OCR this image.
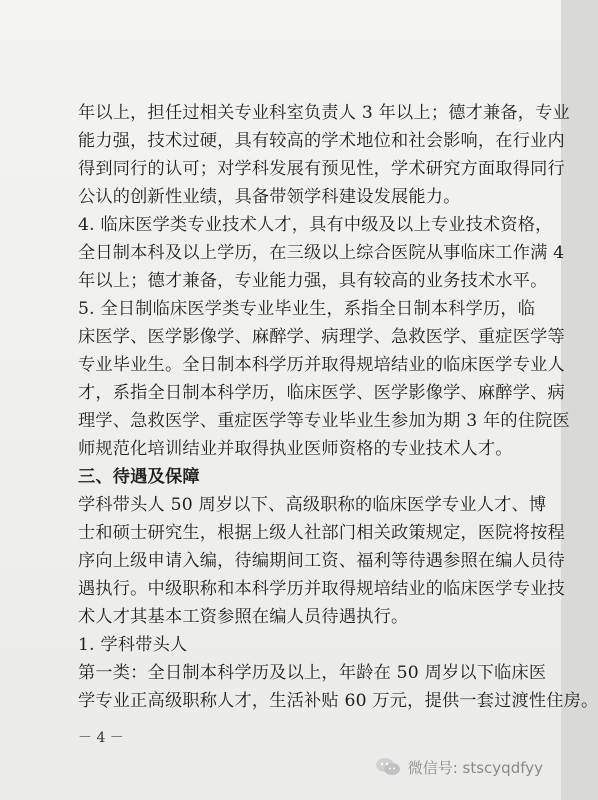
年以上，担任过相关专业科室负责人 3 年以上；德才兼备，专业
能力强，技术过硬，具有较高的学术地位和社会影响，在行业内
得到同行的认可；对学科发展有预见性，学术研究方面取得同行
公认的创新性业绩，具备带领学科建设发展能力。
4. 临床医学类专业技术人才，具有中级及以上专业技术资格，
全日制本科及以上学历，在三级以上综合医院从事临床工作满 4
年以上；德才兼备，专业能力强，具有较高的业务技术水平。
5. 全日制临床医学类专业毕业生，系指全日制本科学历，临
床医学、医学影像学、麻醉学、病理学、急救医学、重症医学等
专业毕业生。全日制本科学历并取得规培结业的临床医学专业人
才，系指全日制本科学历，临床医学、医学影像学、麻醉学、病
理学、急救医学、重症医学等专业毕业生参加为期 3 年的住院医
师规范化培训结业并取得执业医师资格的专业技术人才。
三、待遇及保障
学科带头人 50 周岁以下、高级职称的临床医学专业人才、博
士和硕士研究生，根据上级人社部门相关政策规定，医院将按程
序向上级申请入编，待编期间工资、福利等待遇参照在编人员待
遇执行。中级职称和本科学历并取得规培结业的临床医学专业技
术人才其基本工资参照在编人员待遇执行。
1. 学科带头人
第一类：全日制本科学历及以上，年龄在 50 周岁以下临床医
学专业正高级职称人才，生活补贴 60 万元，提供一套过渡性住房。
－ 4 －
微信号: stscyqdfyy
